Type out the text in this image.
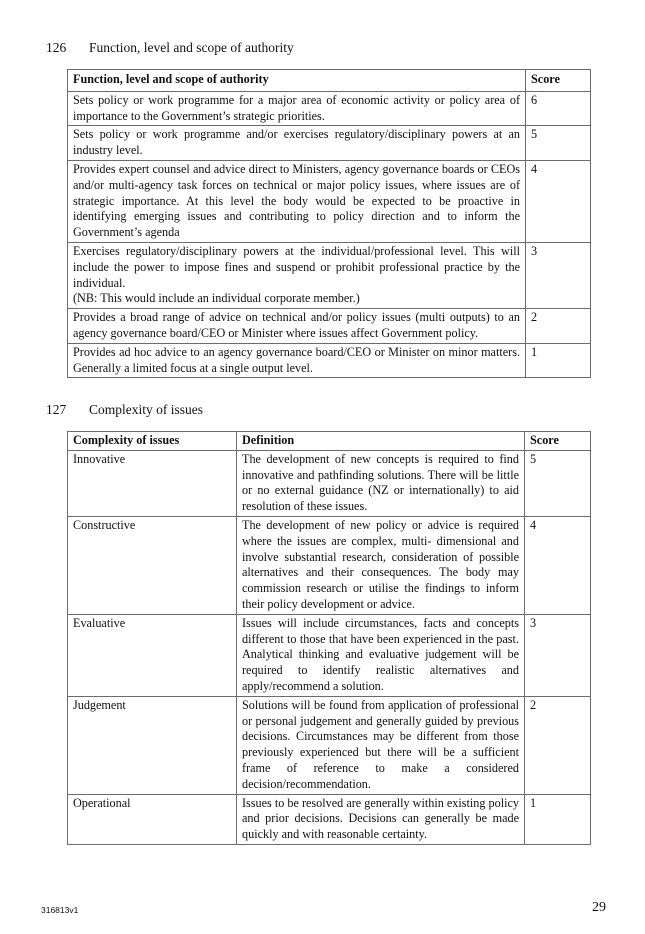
126 Function, level and scope of authority
Function, level and scope of authority	Score
Sets policy or work programme for a major area of economic activity or policy area of importance to the Government’s strategic priorities.	6
Sets policy or work programme and/or exercises regulatory/disciplinary powers at an industry level.	5
Provides expert counsel and advice direct to Ministers, agency governance boards or CEOs and/or multi-agency task forces on technical or major policy issues, where issues are of strategic importance. At this level the body would be expected to be proactive in identifying emerging issues and contributing to policy direction and to inform the Government’s agenda	4

Exercises regulatory/disciplinary powers at the individual/professional level. This will include the power to impose fines and suspend or prohibit professional practice by the individual.
(NB: This would include an individual corporate member.)	3
Provides a broad range of advice on technical and/or policy issues (multi outputs) to an agency governance board/CEO or Minister where issues affect Government policy.	2
Provides ad hoc advice to an agency governance board/CEO or Minister on minor matters. Generally a limited focus at a single output level.	1
127 Complexity of issues
Complexity of issues	Definition	Score
Innovative	The development of new concepts is required to find innovative and pathfinding solutions. There will be little or no external guidance (NZ or internationally) to aid resolution of these issues.	5
Constructive	The development of new policy or advice is required where the issues are complex, multi- dimensional and involve substantial research, consideration of possible alternatives and their consequences. The body may commission research or utilise the findings to inform their policy development or advice.	4
Evaluative	Issues will include circumstances, facts and concepts different to those that have been experienced in the past. Analytical thinking and evaluative judgement will be required to identify realistic alternatives and apply/recommend a solution.	3
Judgement	Solutions will be found from application of professional or personal judgement and generally guided by previous decisions. Circumstances may be different from those previously experienced but there will be a sufficient frame of reference to make a considered decision/recommendation.	2
Operational	Issues to be resolved are generally within existing policy and prior decisions. Decisions can generally be made quickly and with reasonable certainty.	1
316813v1	29
